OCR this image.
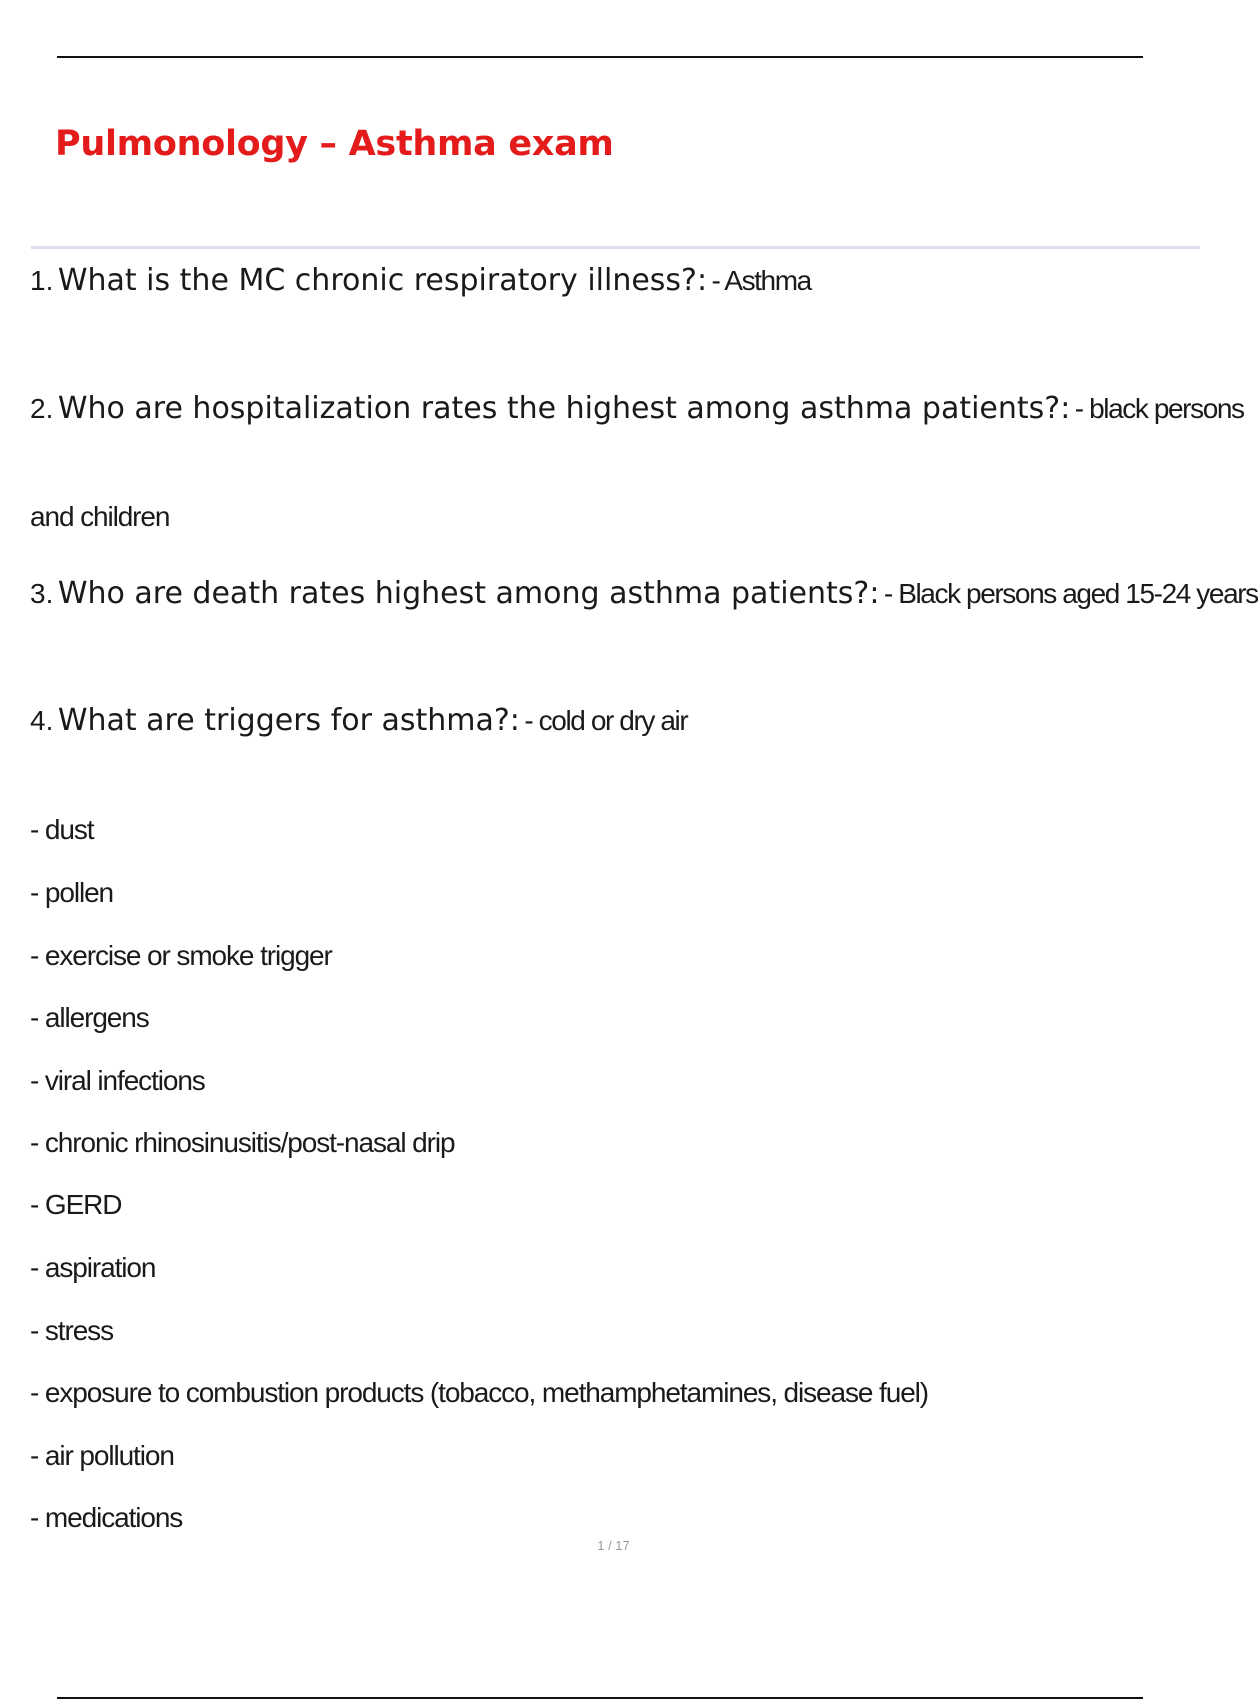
Pulmonology – Asthma exam
1. What is the MC chronic respiratory illness?: - Asthma
2. Who are hospitalization rates the highest among asthma patients?: - black persons
and children
3. Who are death rates highest among asthma patients?: - Black persons aged 15-24 years
4. What are triggers for asthma?: - cold or dry air
- dust
- pollen
- exercise or smoke trigger
- allergens
- viral infections
- chronic rhinosinusitis/post-nasal drip
- GERD
- aspiration
- stress
- exposure to combustion products (tobacco, methamphetamines, disease fuel)
- air pollution
- medications
1 / 17
